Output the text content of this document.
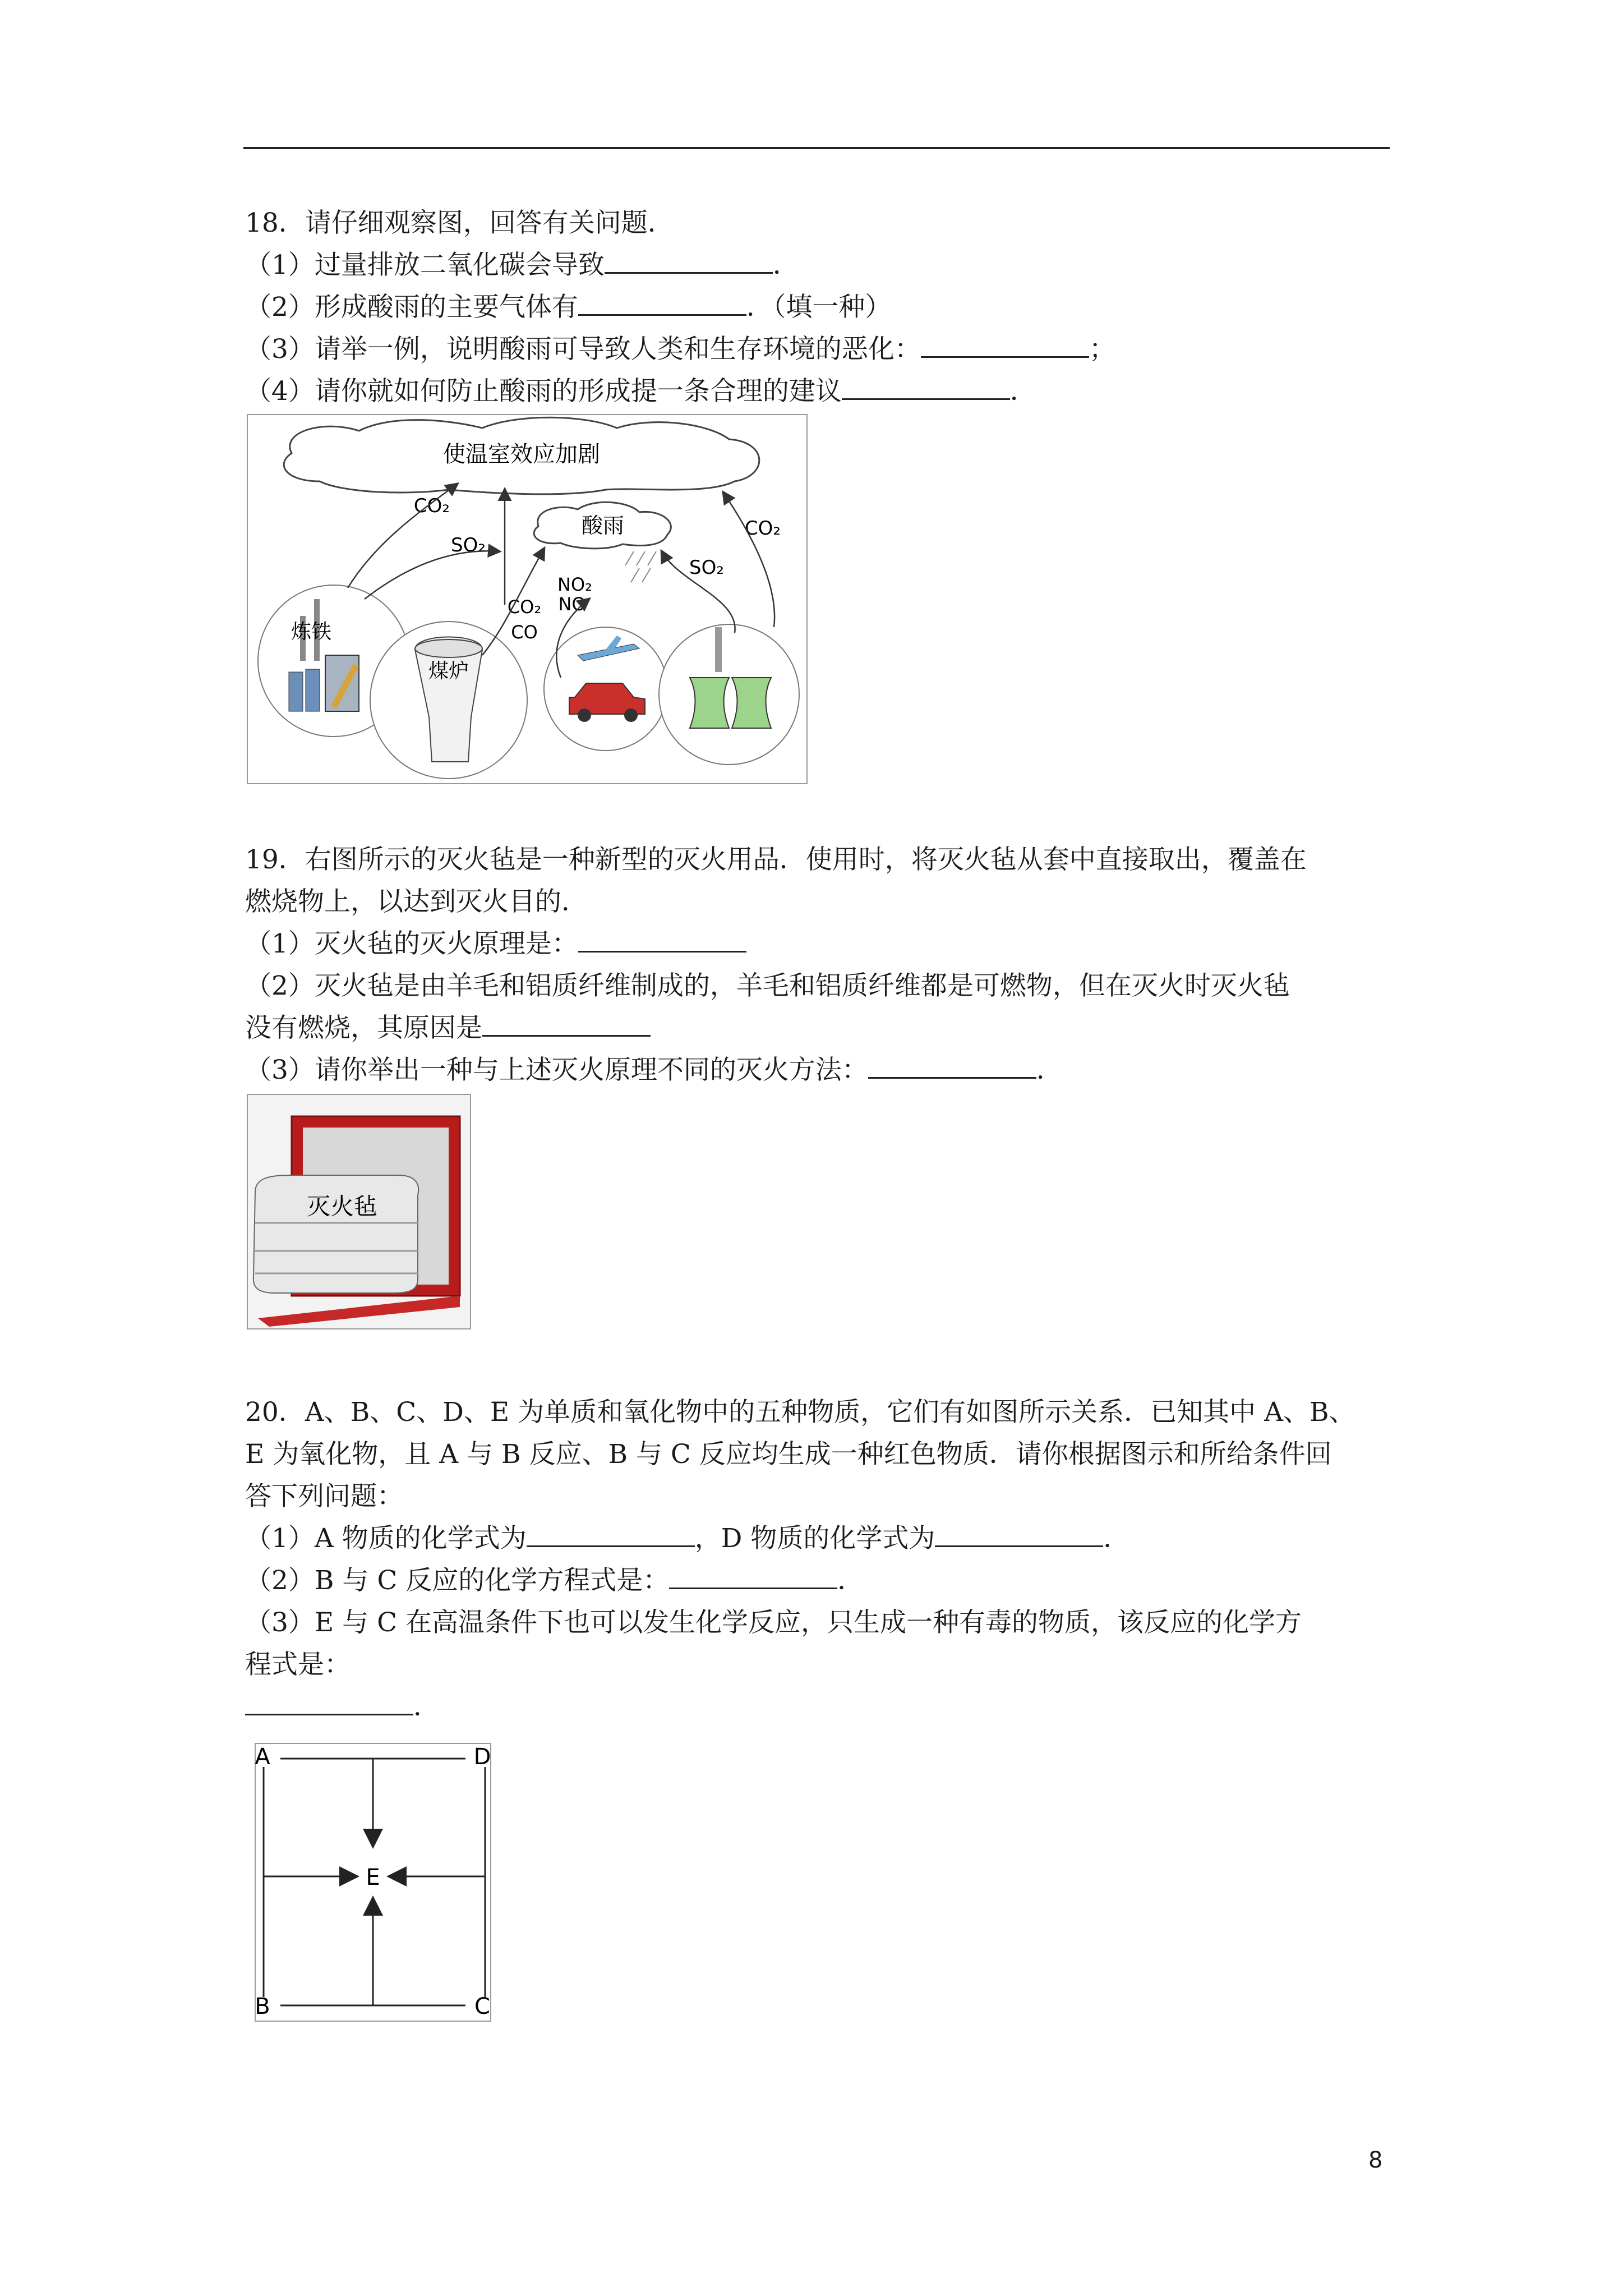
18．请仔细观察图，回答有关问题．
（1）过量排放二氧化碳会导致	．
（2）形成酸雨的主要气体有	．（填一种）
（3）请举一例，说明酸雨可导致人类和生存环境的恶化：	；
（4）请你就如何防止酸雨的形成提一条合理的建议	．
使温室效应加剧
酸雨
炼铁
煤炉
CO₂
SO₂
CO₂
SO₂
NO₂
NO
CO₂
CO
19．右图所示的灭火毡是一种新型的灭火用品．使用时，将灭火毡从套中直接取出，覆盖在
燃烧物上，以达到灭火目的．
（1）灭火毡的灭火原理是：
（2）灭火毡是由羊毛和铝质纤维制成的，羊毛和铝质纤维都是可燃物，但在灭火时灭火毡
没有燃烧，其原因是
（3）请你举出一种与上述灭火原理不同的灭火方法：	．
灭火毡
20．A、B、C、D、E 为单质和氧化物中的五种物质，它们有如图所示关系．已知其中 A、B、
E 为氧化物，且 A 与 B 反应、B 与 C 反应均生成一种红色物质．请你根据图示和所给条件回
答下列问题：
（1）A 物质的化学式为	，D 物质的化学式为	．
（2）B 与 C 反应的化学方程式是：	．
（3）E 与 C 在高温条件下也可以发生化学反应，只生成一种有毒的物质，该反应的化学方
程式是：
．
A	D
B	C
E
8
